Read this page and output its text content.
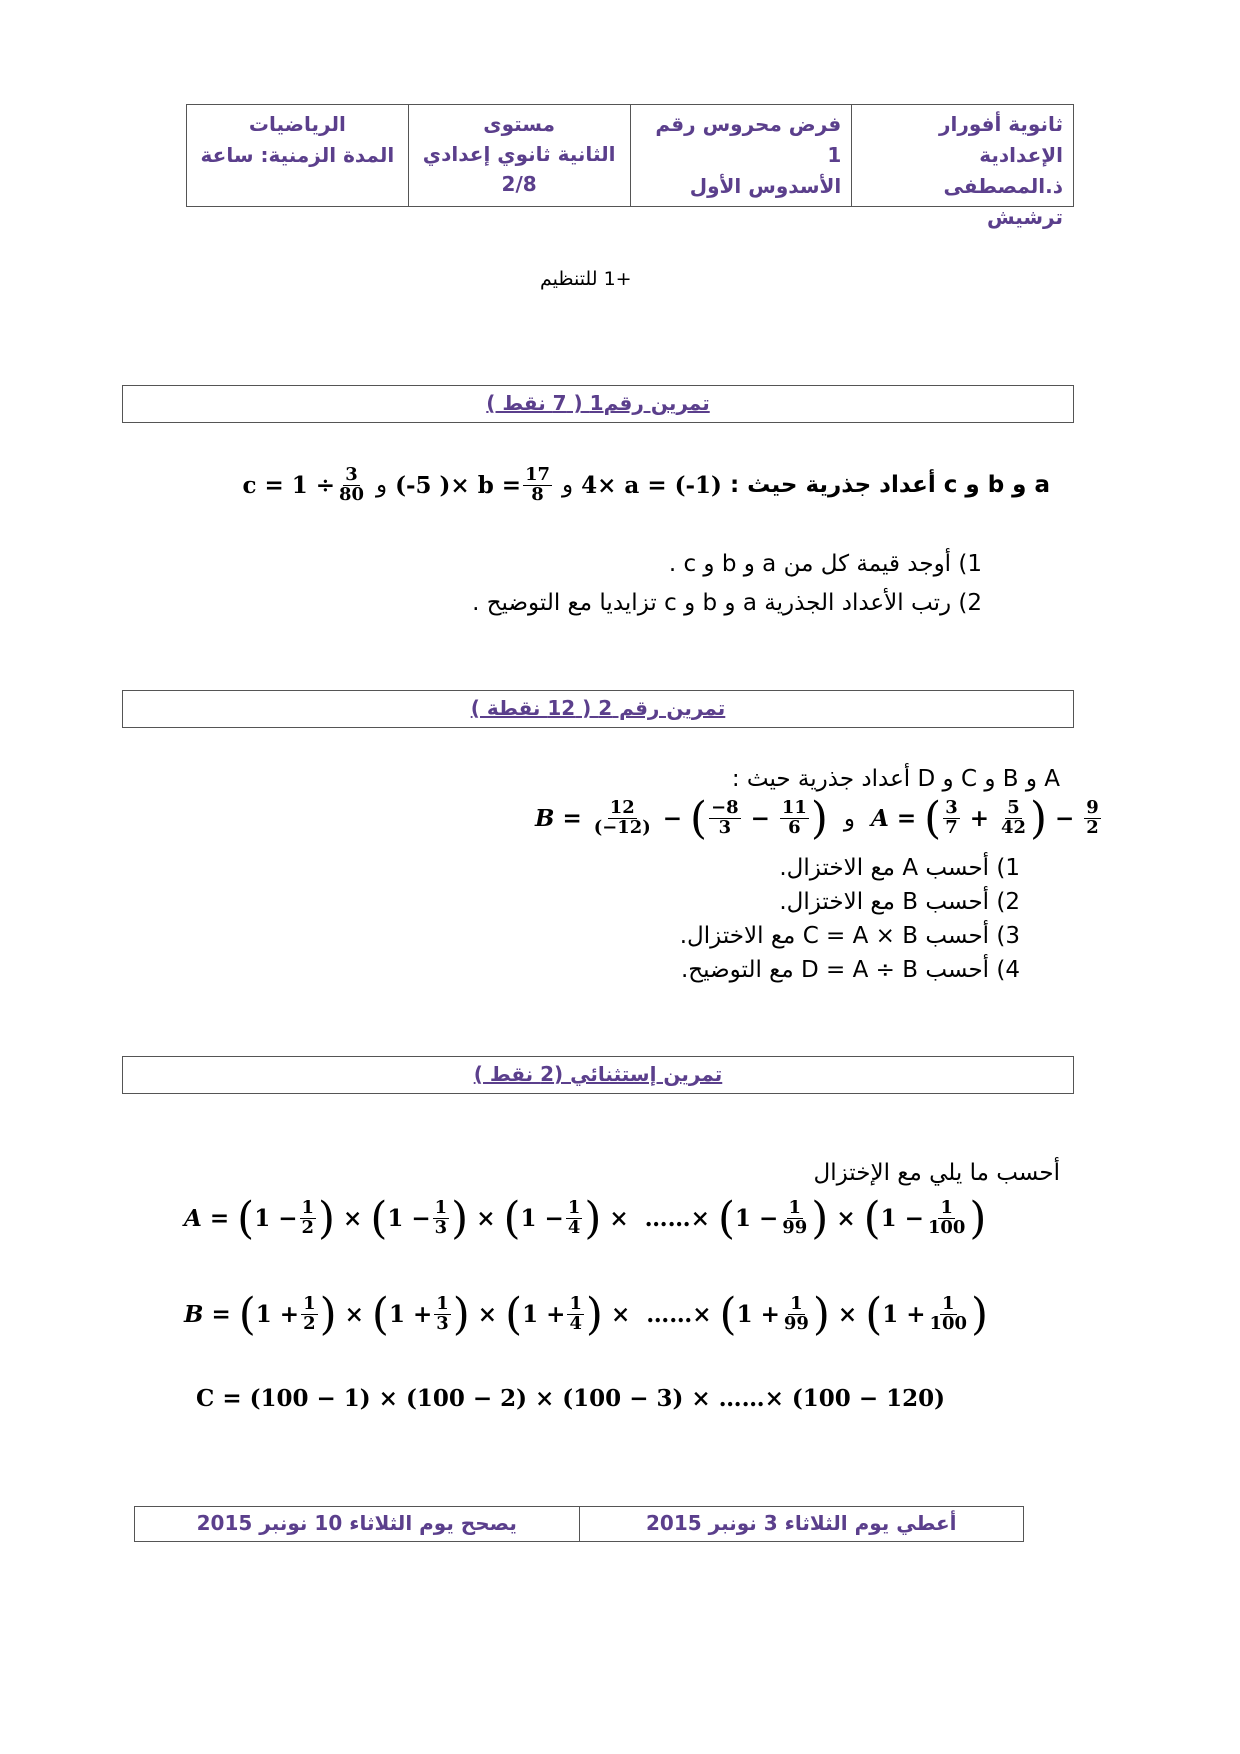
ثانوية أفورار الإعدادية
ذ.المصطفى ترشيش
فرض محروس رقم 1
الأسدوس الأول
مستوى
الثانية ثانوي إعدادي
2/8
الرياضيات
المدة الزمنية: ساعة
+1 للتنظيم
تمرين رقم1 ( 7 نقط )
a و b و c أعداد جذرية حيث :
4× a = (-1)
و
(-5 )× $b = \frac{17}{8}$
و
$c = 1 \div \frac{3}{80}$
1) أوجد قيمة كل من a و b و c .
2) رتب الأعداد الجذرية a و b و c تزايديا مع التوضيح .
تمرين رقم 2 ( 12 نقطة )
A و B و C و D أعداد جذرية حيث :
$B = \frac{12}{(-12)}$ − ( $\frac{-8}{3} - \frac{11}{6}$ ) و A = ( $\frac{3}{7} + \frac{5}{42}$ ) − $\frac{9}{2}$
1) أحسب A مع الاختزال.
2) أحسب B مع الاختزال.
3) أحسب C = A × B مع الاختزال.
4) أحسب D = A ÷ B مع التوضيح.
تمرين إستثنائي (2 نقط )
أحسب ما يلي مع الإختزال
A = ( $1 - \frac{1}{2}$ ) × ( $1 - \frac{1}{3}$ ) × ( $1 - \frac{1}{4}$ ) ×  ……× ( $1 - \frac{1}{99}$ ) × ( $1 - \frac{1}{100}$ )
B = ( $1 + \frac{1}{2}$ ) × ( $1 + \frac{1}{3}$ ) × ( $1 + \frac{1}{4}$ ) ×  ……× ( $1 + \frac{1}{99}$ ) × ( $1 + \frac{1}{100}$ )
C = (100 − 1) × (100 − 2) × (100 − 3) × ……× (100 − 120)
أعطي يوم الثلاثاء 3 نونبر 2015
يصحح يوم الثلاثاء 10 نونبر 2015
